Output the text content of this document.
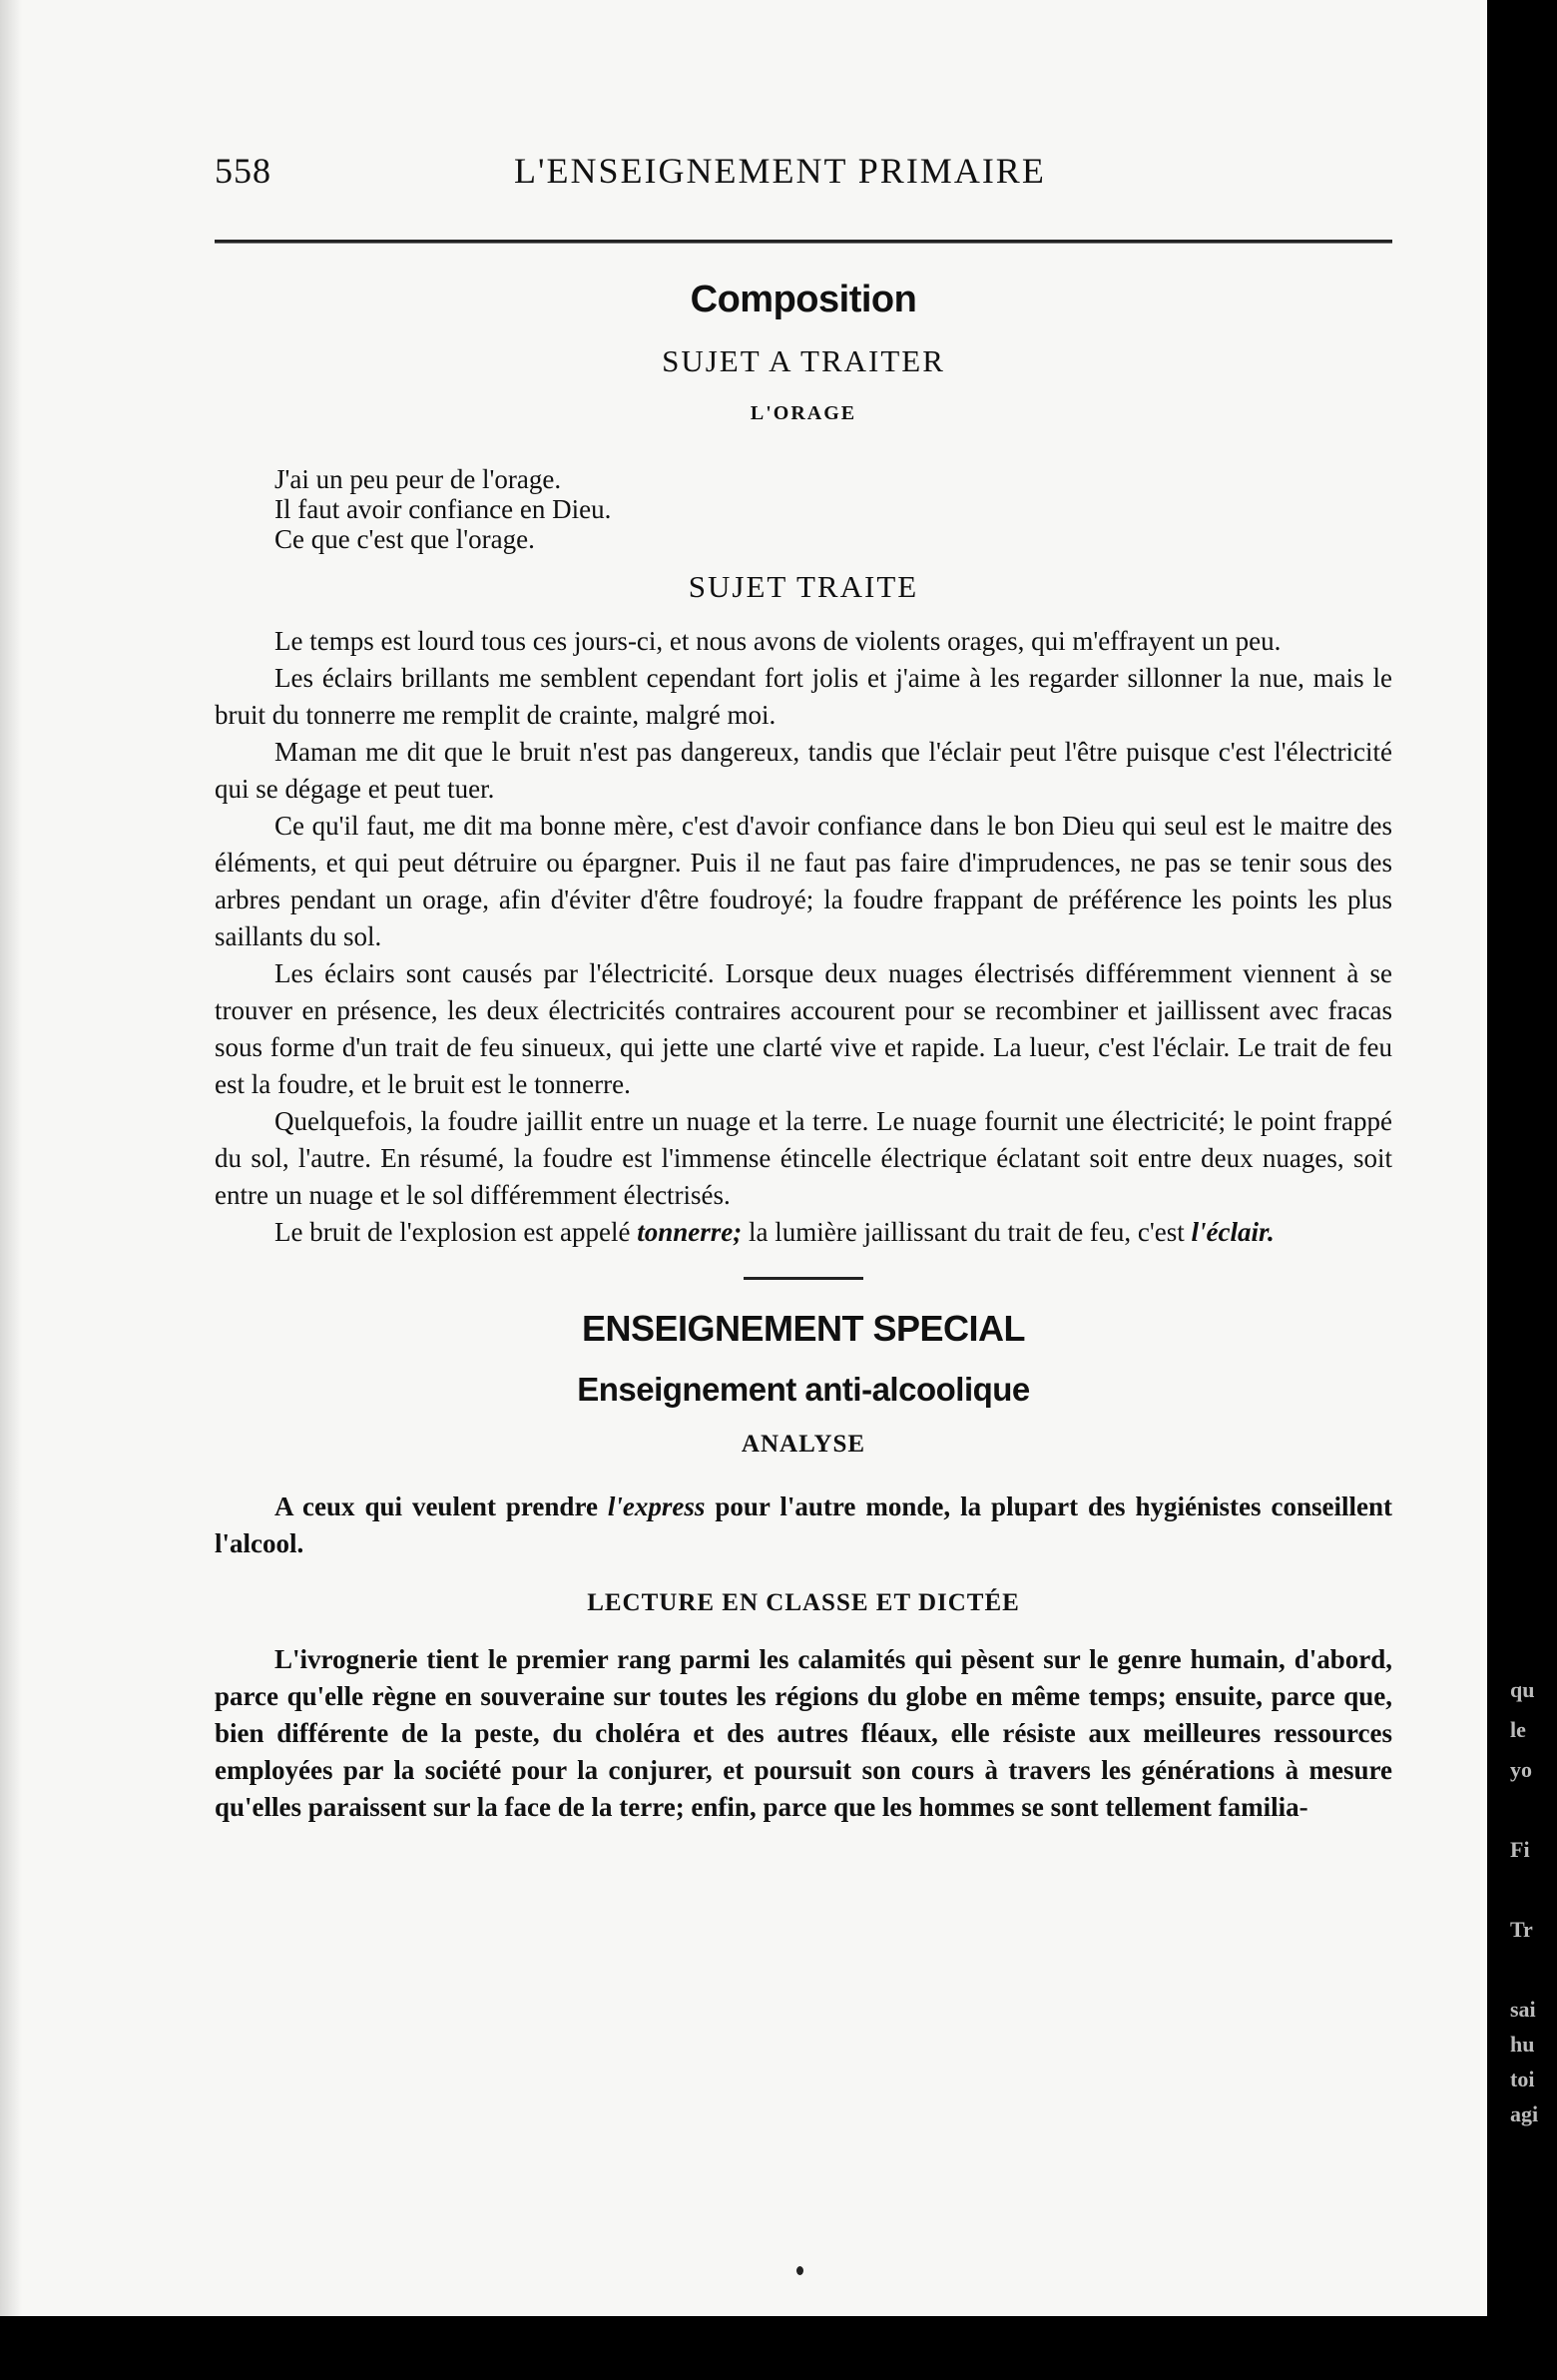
558	L'ENSEIGNEMENT PRIMAIRE
Composition
SUJET A TRAITER
L'ORAGE
J'ai un peu peur de l'orage.
Il faut avoir confiance en Dieu.
Ce que c'est que l'orage.
SUJET TRAITE

Le temps est lourd tous ces jours-ci, et nous avons de violents orages, qui m'effrayent un peu.

Les éclairs brillants me semblent cependant fort jolis et j'aime à les regarder sillonner la nue, mais le bruit du tonnerre me remplit de crainte, malgré moi.

Maman me dit que le bruit n'est pas dangereux, tandis que l'éclair peut l'être puisque c'est l'électricité qui se dégage et peut tuer.

Ce qu'il faut, me dit ma bonne mère, c'est d'avoir confiance dans le bon Dieu qui seul est le maitre des éléments, et qui peut détruire ou épargner. Puis il ne faut pas faire d'imprudences, ne pas se tenir sous des arbres pendant un orage, afin d'éviter d'être foudroyé; la foudre frappant de préférence les points les plus saillants du sol.

Les éclairs sont causés par l'électricité. Lorsque deux nuages électrisés différemment viennent à se trouver en présence, les deux électricités contraires accourent pour se recombiner et jaillissent avec fracas sous forme d'un trait de feu sinueux, qui jette une clarté vive et rapide. La lueur, c'est l'éclair. Le trait de feu est la foudre, et le bruit est le tonnerre.

Quelquefois, la foudre jaillit entre un nuage et la terre. Le nuage fournit une électricité; le point frappé du sol, l'autre. En résumé, la foudre est l'immense étincelle électrique éclatant soit entre deux nuages, soit entre un nuage et le sol différemment électrisés.

Le bruit de l'explosion est appelé tonnerre; la lumière jaillissant du trait de feu, c'est l'éclair.

ENSEIGNEMENT SPECIAL
Enseignement anti-alcoolique
ANALYSE

A ceux qui veulent prendre l'express pour l'autre monde, la plupart des hygiénistes conseillent l'alcool.

LECTURE EN CLASSE ET DICTÉE

L'ivrognerie tient le premier rang parmi les calamités qui pèsent sur le genre humain, d'abord, parce qu'elle règne en souveraine sur toutes les régions du globe en même temps; ensuite, parce que, bien différente de la peste, du choléra et des autres fléaux, elle résiste aux meilleures ressources employées par la société pour la conjurer, et poursuit son cours à travers les générations à mesure qu'elles paraissent sur la face de la terre; enfin, parce que les hommes se sont tellement familia-

qu
le
yo
Fi
Tr
sai
hu
toi
agi
